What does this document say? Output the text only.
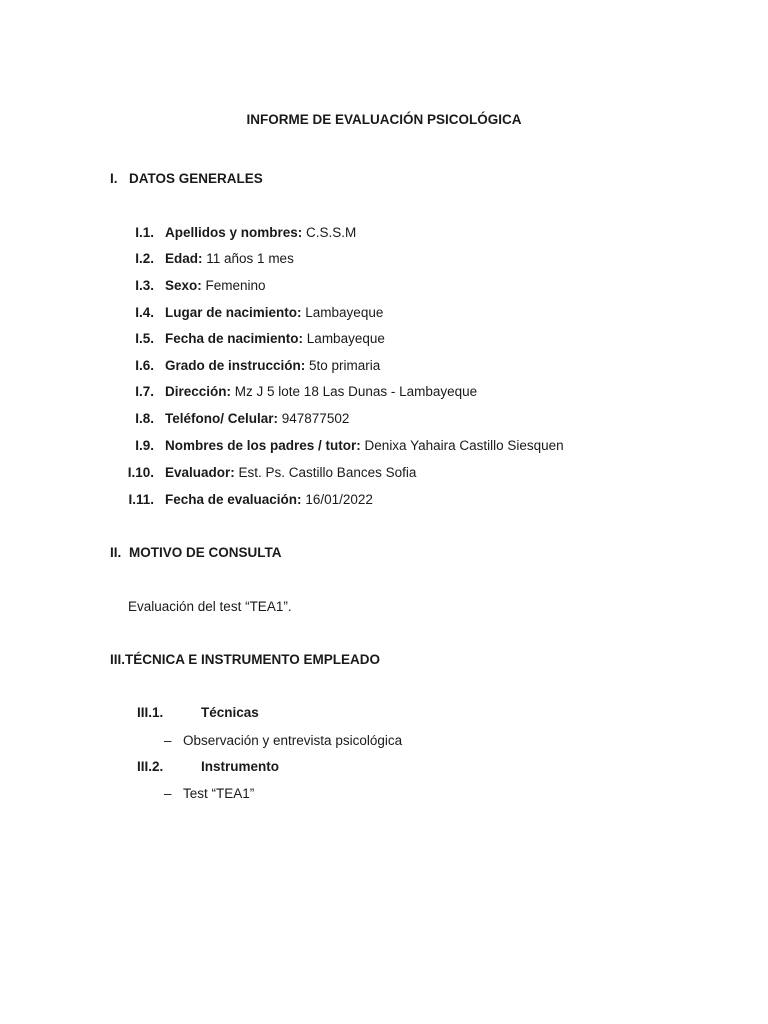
INFORME DE EVALUACIÓN PSICOLÓGICA
I. DATOS GENERALES
I.1. Apellidos y nombres: C.S.S.M
I.2. Edad: 11 años 1 mes
I.3. Sexo: Femenino
I.4. Lugar de nacimiento: Lambayeque
I.5. Fecha de nacimiento: Lambayeque
I.6. Grado de instrucción: 5to primaria
I.7. Dirección: Mz J 5 lote 18 Las Dunas - Lambayeque
I.8. Teléfono/ Celular: 947877502
I.9. Nombres de los padres / tutor: Denixa Yahaira Castillo Siesquen
I.10. Evaluador: Est. Ps. Castillo Bances Sofia
I.11. Fecha de evaluación: 16/01/2022
II. MOTIVO DE CONSULTA
Evaluación del test “TEA1”.
III.TÉCNICA E INSTRUMENTO EMPLEADO
III.1.	Técnicas
– Observación y entrevista psicológica
III.2.	Instrumento
– Test “TEA1”
